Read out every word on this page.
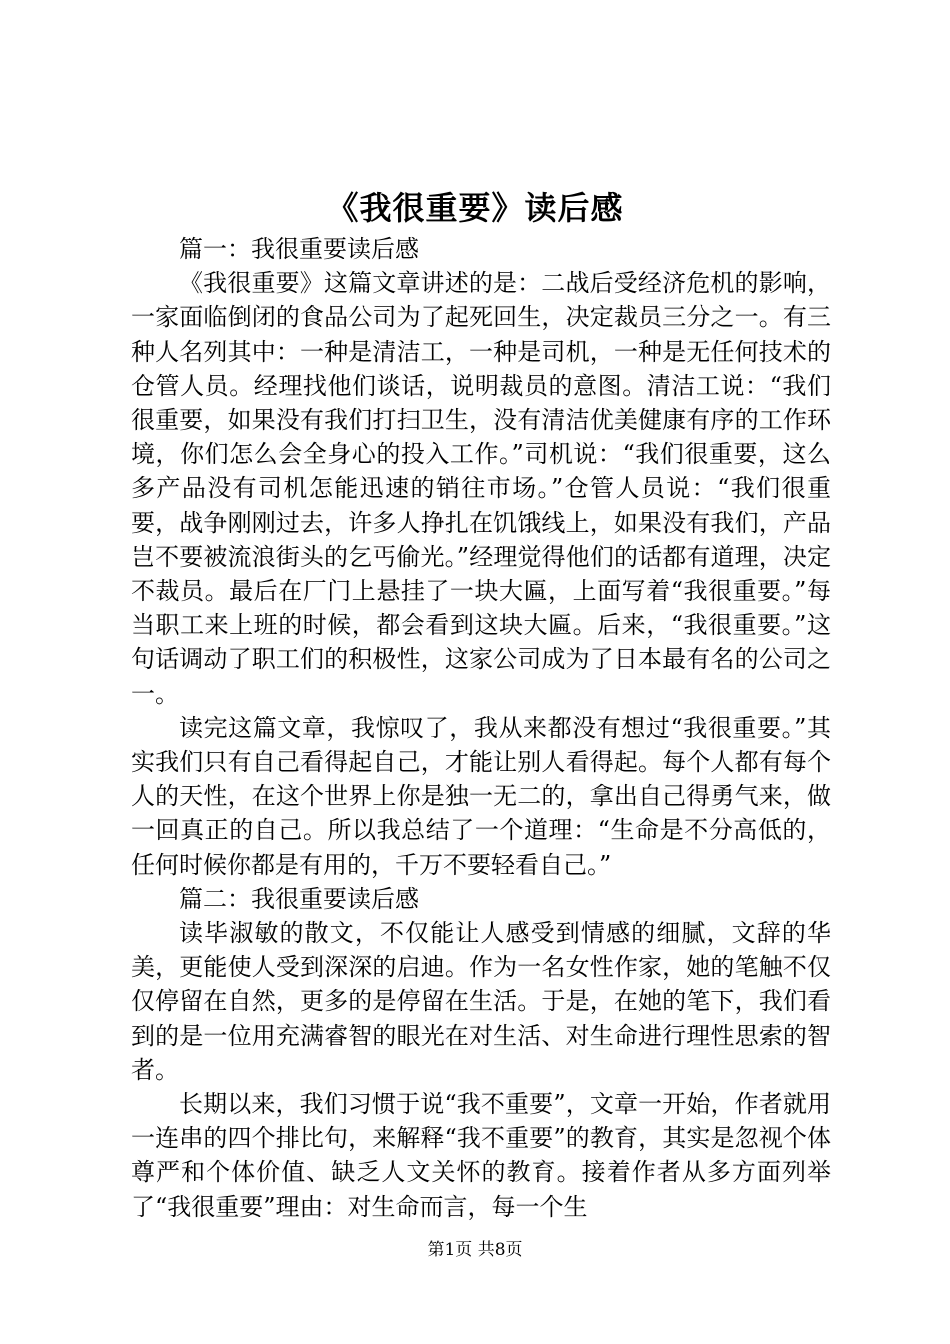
《我很重要》读后感

篇一：我很重要读后感

《我很重要》这篇文章讲述的是：二战后受经济危机的影响，一家面临倒闭的食品公司为了起死回生，决定裁员三分之一。有三种人名列其中：一种是清洁工，一种是司机，一种是无任何技术的仓管人员。经理找他们谈话，说明裁员的意图。清洁工说：“我们很重要，如果没有我们打扫卫生，没有清洁优美健康有序的工作环境，你们怎么会全身心的投入工作。”司机说：“我们很重要，这么多产品没有司机怎能迅速的销往市场。”仓管人员说：“我们很重要，战争刚刚过去，许多人挣扎在饥饿线上，如果没有我们，产品岂不要被流浪街头的乞丐偷光。”经理觉得他们的话都有道理，决定不裁员。最后在厂门上悬挂了一块大匾，上面写着“我很重要。”每当职工来上班的时候，都会看到这块大匾。后来，“我很重要。”这句话调动了职工们的积极性，这家公司成为了日本最有名的公司之一。

读完这篇文章，我惊叹了，我从来都没有想过“我很重要。”其实我们只有自己看得起自己，才能让别人看得起。每个人都有每个人的天性，在这个世界上你是独一无二的，拿出自己得勇气来，做一回真正的自己。所以我总结了一个道理：“生命是不分高低的，任何时候你都是有用的，千万不要轻看自己。”

篇二：我很重要读后感

读毕淑敏的散文，不仅能让人感受到情感的细腻，文辞的华美，更能使人受到深深的启迪。作为一名女性作家，她的笔触不仅仅停留在自然，更多的是停留在生活。于是，在她的笔下，我们看到的是一位用充满睿智的眼光在对生活、对生命进行理性思索的智者。

长期以来，我们习惯于说“我不重要”，文章一开始，作者就用一连串的四个排比句，来解释“我不重要”的教育，其实是忽视个体尊严和个体价值、缺乏人文关怀的教育。接着作者从多方面列举了“我很重要”理由：对生命而言，每一个生

第1页 共8页
